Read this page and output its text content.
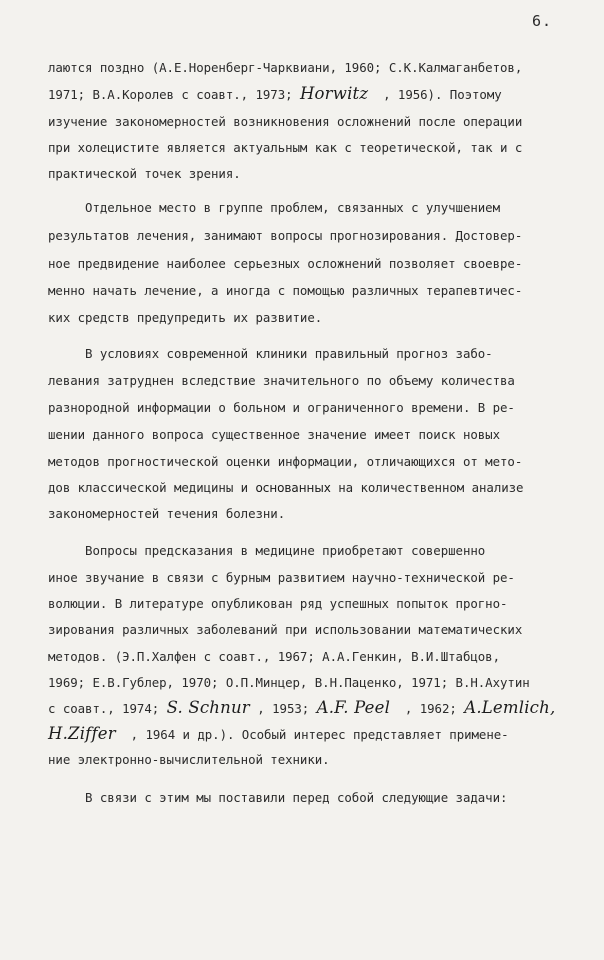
6.
лаются поздно (А.Е.Норенберг-Чарквиани, 1960; С.К.Калмаганбетов,
1971; В.А.Королев с соавт., 1973; Horwitz  , 1956). Поэтому
изучение закономерностей возникновения осложнений после операции
при холецистите является актуальным как с теоретической, так и с
практической точек зрения.
Отдельное место в группе проблем, связанных с улучшением
результатов лечения, занимают вопросы прогнозирования. Достовер-
ное предвидение наиболее серьезных осложнений позволяет своевре-
менно начать лечение, а иногда с помощью различных терапевтичес-
ких средств предупредить их развитие.
В условиях современной клиники правильный прогноз забо-
левания затруднен вследствие значительного по объему количества
разнородной информации о больном и ограниченного времени. В ре-
шении данного вопроса существенное значение имеет поиск новых
методов прогностической оценки информации, отличающихся от мето-
дов классической медицины и основанных на количественном анализе
закономерностей течения болезни.
Вопросы предсказания в медицине приобретают совершенно
иное звучание в связи с бурным развитием научно-технической ре-
волюции. В литературе опубликован ряд успешных попыток прогно-
зирования различных заболеваний при использовании математических
методов. (Э.П.Халфен с соавт., 1967; А.А.Генкин, В.И.Штабцов,
1969; Е.В.Гублер, 1970; О.П.Минцер, В.Н.Паценко, 1971; В.Н.Ахутин
с соавт., 1974; S. Schnur , 1953; A.F. Peel  , 1962; A.Lemlich,
H.Ziffer  , 1964 и др.). Особый интерес представляет примене-
ние электронно-вычислительной техники.
В связи с этим мы поставили перед собой следующие задачи:
